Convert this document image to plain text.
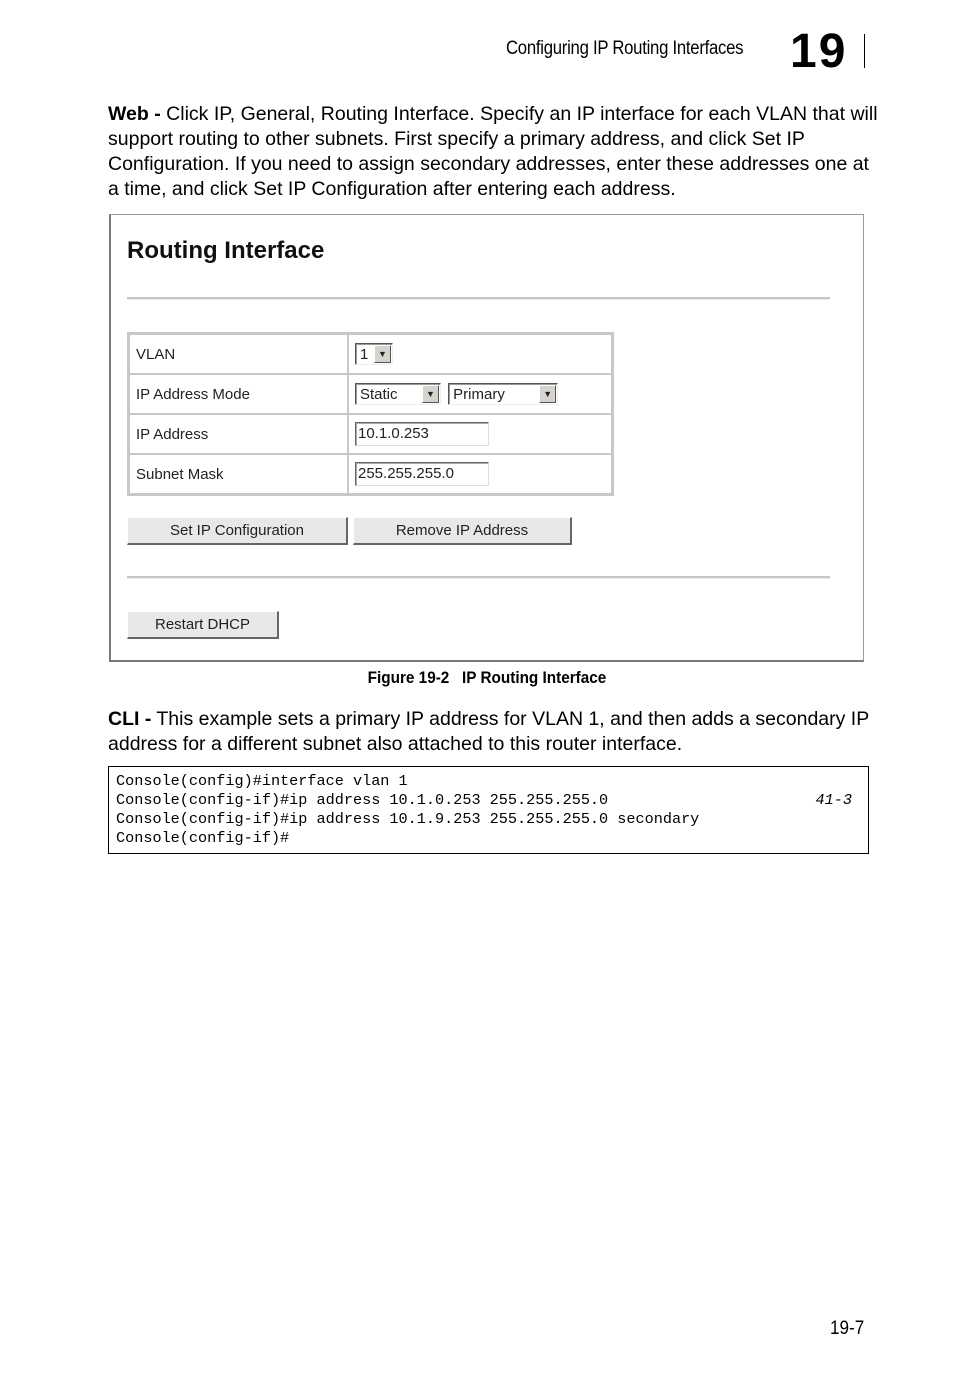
Configuring IP Routing Interfaces 19
Web - Click IP, General, Routing Interface. Specify an IP interface for each VLAN that will support routing to other subnets. First specify a primary address, and click Set IP Configuration. If you need to assign secondary addresses, enter these addresses one at a time, and click Set IP Configuration after entering each address.
Routing Interface
VLAN	1 ▼

IP Address Mode	Static ▼ Primary ▼

IP Address	10.1.0.253
Subnet Mask	255.255.255.0
Set IP Configuration	Remove IP Address
Restart DHCP
Figure 19-2   IP Routing Interface
CLI - This example sets a primary IP address for VLAN 1, and then adds a secondary IP address for a different subnet also attached to this router interface.
Console(config)#interface vlan 1
Console(config-if)#ip address 10.1.0.253 255.255.255.0
Console(config-if)#ip address 10.1.9.253 255.255.255.0 secondary
Console(config-if)#
41-3
19-7
